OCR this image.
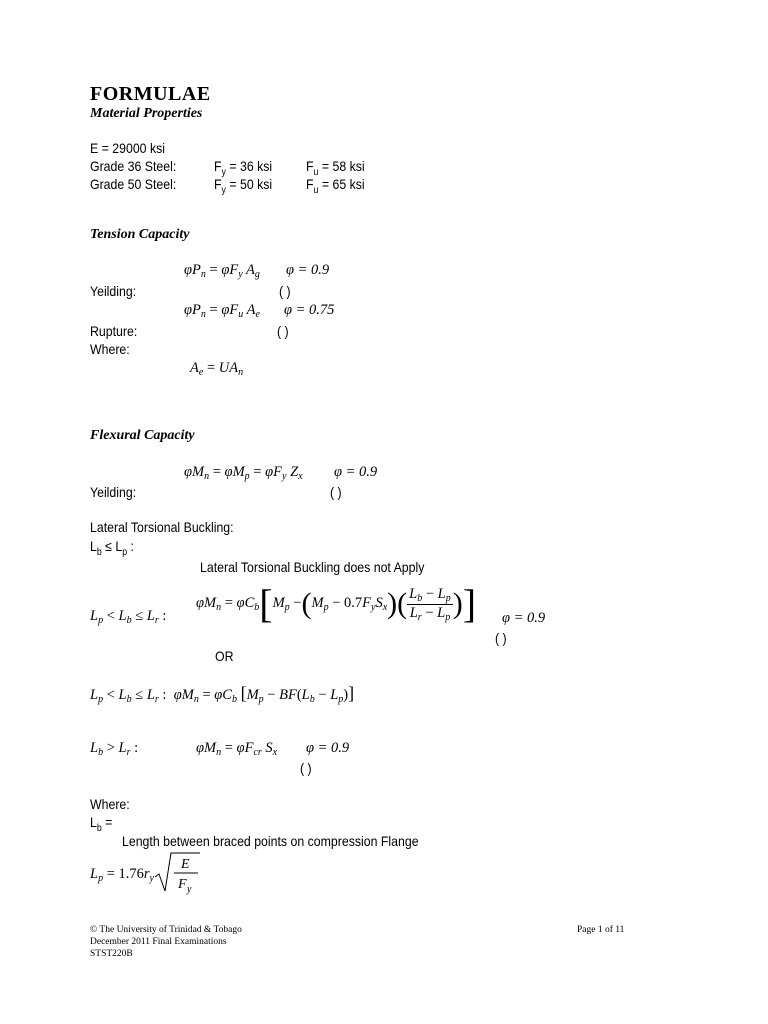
FORMULAE
Material Properties
E = 29000 ksi
Grade 36 Steel:	$F_y = 36$ ksi $F_u = 58$ ksi
Grade 50 Steel:	$F_y = 50$ ksi $F_u = 65$ ksi
Tension Capacity
$\varphi P_n = \varphi F_y$ $A_g$ φ = 0.9
Yeilding:	( )
$\varphi P_n = \varphi F_u$ $A_e$ φ = 0.75
Rupture:	( )
Where:
$A_e = UA_n$
Flexural Capacity
$\varphi M_n = \varphi M_p = \varphi F_y$ $Z_x$ φ = 0.9
Yeilding:	( )
Lateral Torsional Buckling:
$L_b \le L_p$ :
Lateral Torsional Buckling does not Apply
$L_p < L_b \le L_r$ :
$\varphi M_n = \varphi C_b$ [ $M_p$ − ( $M_p - 0.7F_yS_x$ ) ( $\frac{L_b - L_p}{L_r - L_p}$ ) ] φ = 0.9
( )
OR
$L_p < L_b \le L_r$ :  $\varphi M_n = \varphi C_b$ $[M_p - BF(L_b - L_p)]$
$L_b > L_r$ :	$\varphi M_n = \varphi F_{cr}$ $S_x$ φ = 0.9
( )
Where:
$L_b$ =
Length between braced points on compression Flange
$L_p = 1.76r_y$
E
F y
© The University of Trinidad & Tobago
December 2011 Final Examinations
STST220B
Page 1 of 11
